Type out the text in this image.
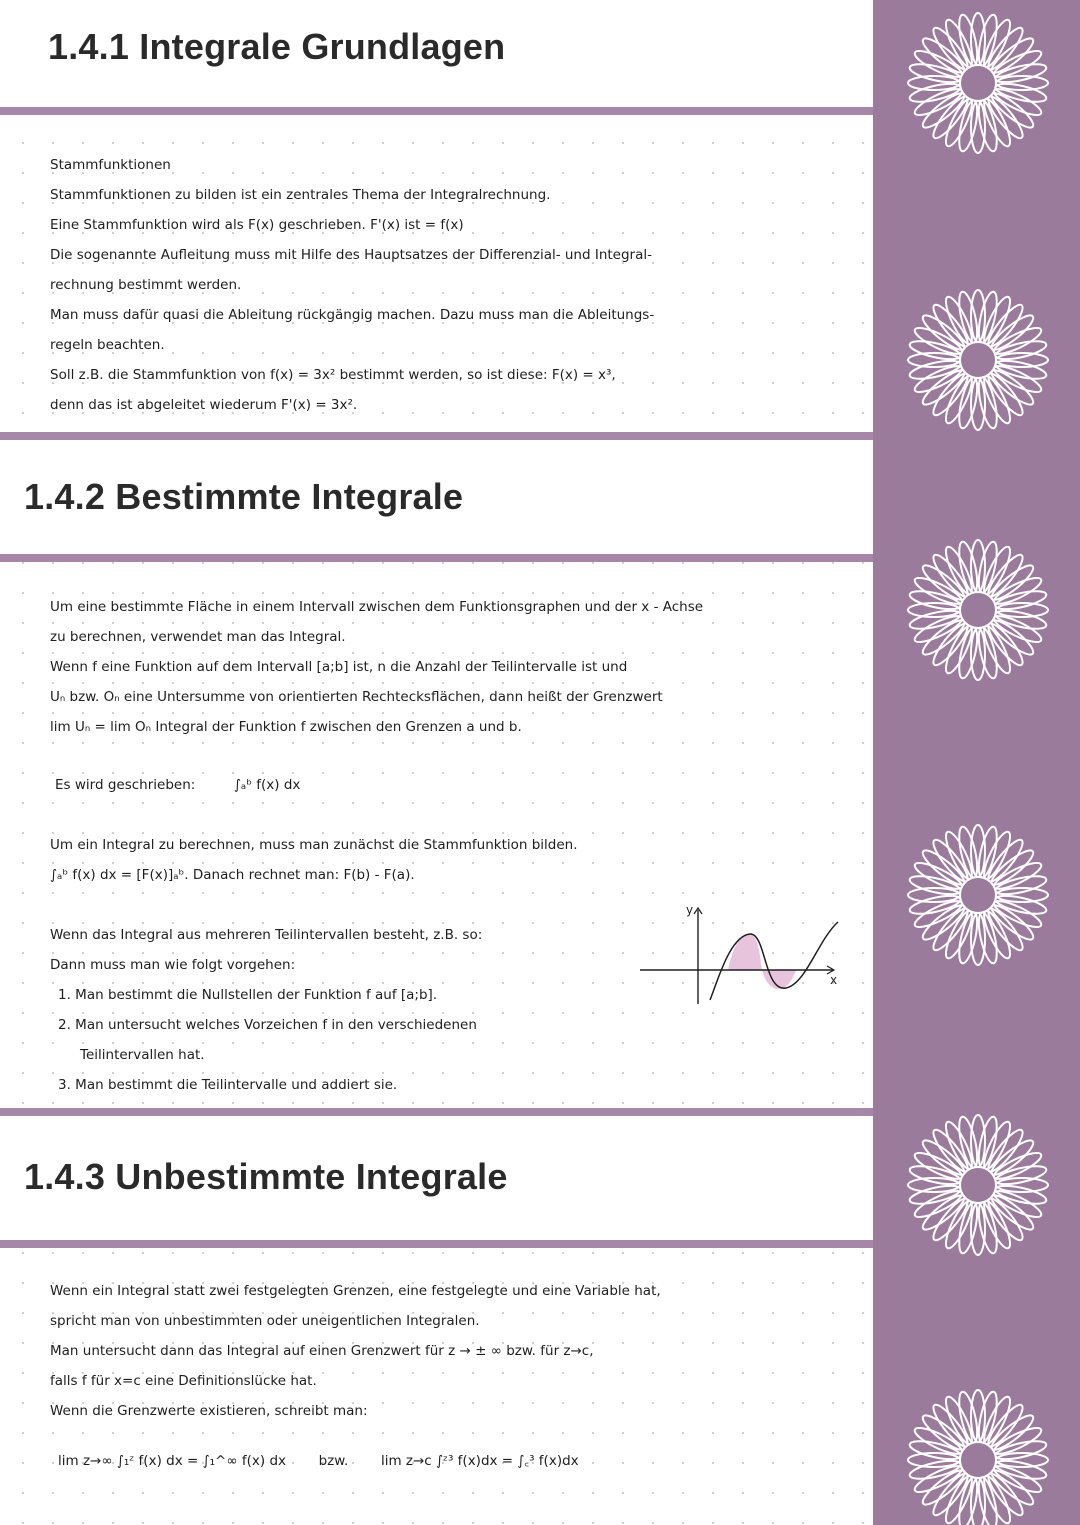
1.4.1 Integrale Grundlagen

Stammfunktionen

Stammfunktionen zu bilden ist ein zentrales Thema der Integralrechnung.

Eine Stammfunktion wird als F(x) geschrieben. F'(x) ist = f(x)

Die sogenannte Aufleitung muss mit Hilfe des Hauptsatzes der Differenzial- und Integral-

rechnung bestimmt werden.

Man muss dafür quasi die Ableitung rückgängig machen. Dazu muss man die Ableitungs-

regeln beachten.

Soll z.B. die Stammfunktion von f(x) = 3x² bestimmt werden, so ist diese: F(x) = x³,

denn das ist abgeleitet wiederum F'(x) = 3x².

1.4.2 Bestimmte Integrale

Um eine bestimmte Fläche in einem Intervall zwischen dem Funktionsgraphen und der x - Achse

zu berechnen, verwendet man das Integral.

Wenn f eine Funktion auf dem Intervall [a;b] ist, n die Anzahl der Teilintervalle ist und

Uₙ bzw. Oₙ eine Untersumme von orientierten Rechtecksflächen, dann heißt der Grenzwert

lim Uₙ = lim Oₙ Integral der Funktion f zwischen den Grenzen a und b.

Es wird geschrieben:	∫ₐᵇ f(x) dx

Um ein Integral zu berechnen, muss man zunächst die Stammfunktion bilden.

∫ₐᵇ f(x) dx = [F(x)]ₐᵇ. Danach rechnet man: F(b) - F(a).

Wenn das Integral aus mehreren Teilintervallen besteht, z.B. so:

Dann muss man wie folgt vorgehen:

1. Man bestimmt die Nullstellen der Funktion f auf [a;b].

2. Man untersucht welches Vorzeichen f in den verschiedenen

Teilintervallen hat.

3. Man bestimmt die Teilintervalle und addiert sie.

y
x
1.4.3 Unbestimmte Integrale

Wenn ein Integral statt zwei festgelegten Grenzen, eine festgelegte und eine Variable hat,

spricht man von unbestimmten oder uneigentlichen Integralen.

Man untersucht dann das Integral auf einen Grenzwert für z → ± ∞ bzw. für z→c,

falls f für x=c eine Definitionslücke hat.

Wenn die Grenzwerte existieren, schreibt man:

lim z→∞ ∫₁ᶻ f(x) dx = ∫₁^∞ f(x) dx bzw. lim z→c ∫ᶻ³ f(x)dx = ∫꜀³ f(x)dx
